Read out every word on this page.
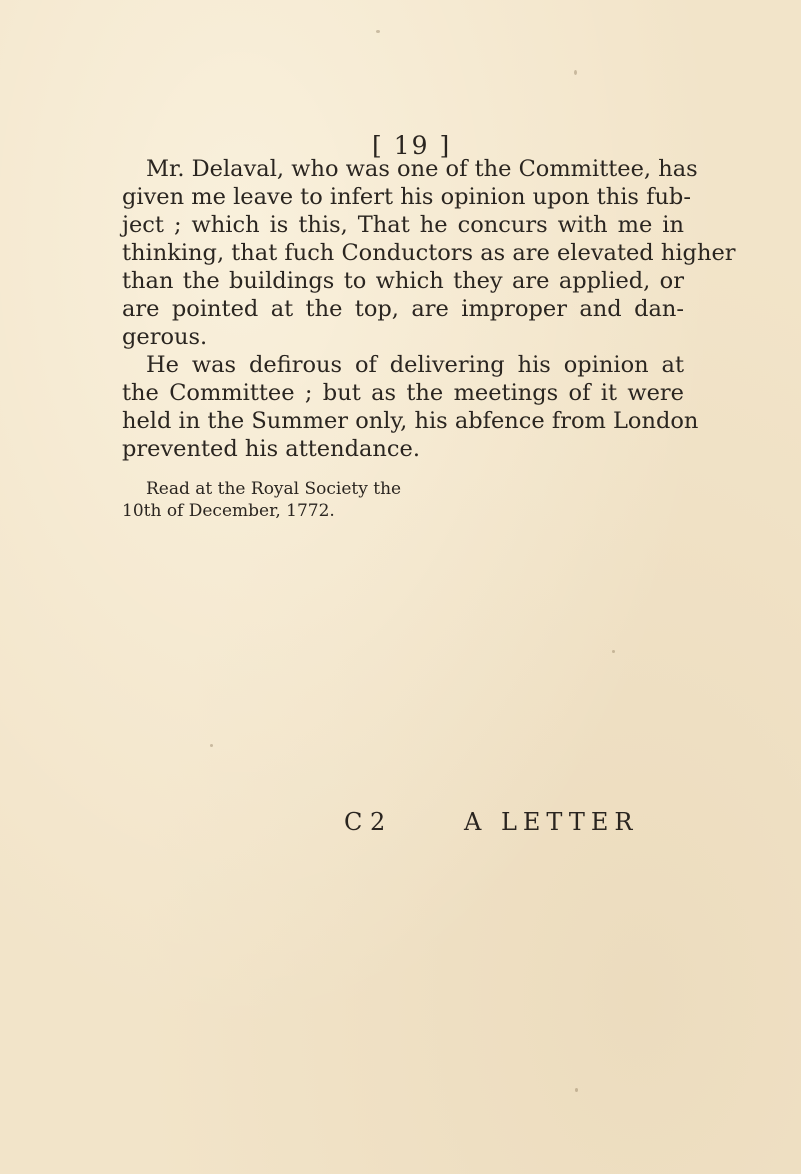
[ 19 ]
Mr. Delaval, who was one of the Committee, has
given me leave to infert his opinion upon this fub-
ject ; which is this, That he concurs with me in
thinking, that fuch Conductors as are elevated higher
than the buildings to which they are applied, or
are pointed at the top, are improper and dan-
gerous.
He was defirous of delivering his opinion at
the Committee ; but as the meetings of it were
held in the Summer only, his abfence from London
prevented his attendance.
Read at the Royal Society the
10th of December, 1772.
C 2	A LETTER
